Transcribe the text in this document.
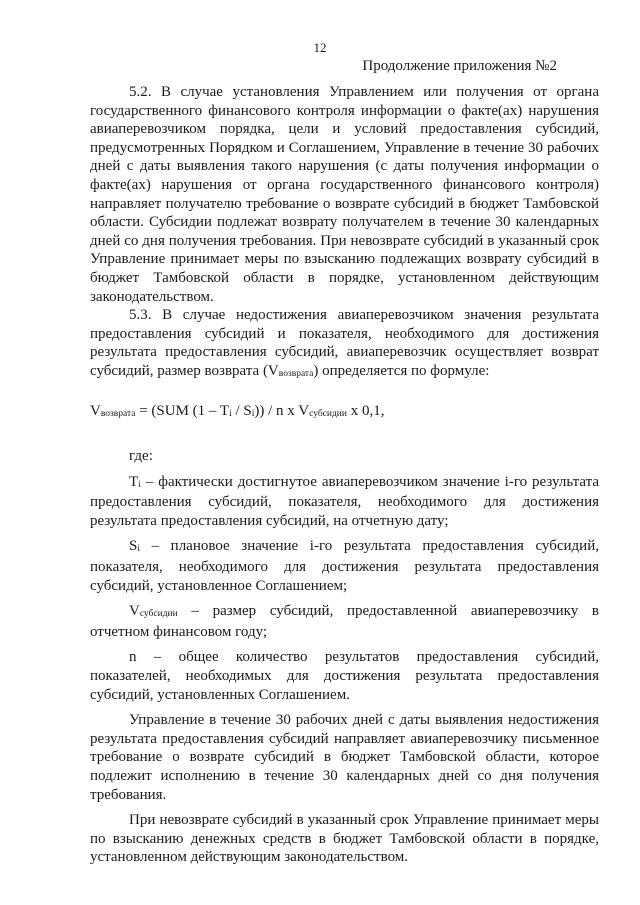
12
Продолжение приложения №2

5.2. В случае установления Управлением или получения от органа государственного финансового контроля информации о факте(ах) нарушения авиаперевозчиком порядка, цели и условий предоставления субсидий, предусмотренных Порядком и Соглашением, Управление в течение 30 рабочих дней с даты выявления такого нарушения (с даты получения информации о факте(ах) нарушения от органа государственного финансового контроля) направляет получателю требование о возврате субсидий в бюджет Тамбовской области. Субсидии подлежат возврату получателем в течение 30 календарных дней со дня получения требования. При невозврате субсидий в указанный срок Управление принимает меры по взысканию подлежащих возврату субсидий в бюджет Тамбовской области в порядке, установленном действующим законодательством.

5.3. В случае недостижения авиаперевозчиком значения результата предоставления субсидий и показателя, необходимого для достижения результата предоставления субсидий, авиаперевозчик осуществляет возврат субсидий, размер возврата $(V_{возврата})$ определяется по формуле:

$V_{возврата} = (SUM$ $(1 - T_i / S_i)$) / n x $V_{субсидии}$ x 0,1,

где:

$T_i$ – фактически достигнутое авиаперевозчиком значение i-го результата предоставления субсидий, показателя, необходимого для достижения результата предоставления субсидий, на отчетную дату;

$S_i$ – плановое значение i-го результата предоставления субсидий, показателя, необходимого для достижения результата предоставления субсидий, установленное Соглашением;

$V_{субсидии}$ – размер субсидий, предоставленной авиаперевозчику в отчетном финансовом году;

n – общее количество результатов предоставления субсидий, показателей, необходимых для достижения результата предоставления субсидий, установленных Соглашением.

Управление в течение 30 рабочих дней с даты выявления недостижения результата предоставления субсидий направляет авиаперевозчику письменное требование о возврате субсидий в бюджет Тамбовской области, которое подлежит исполнению в течение 30 календарных дней со дня получения требования.

При невозврате субсидий в указанный срок Управление принимает меры по взысканию денежных средств в бюджет Тамбовской области в порядке, установленном действующим законодательством.
